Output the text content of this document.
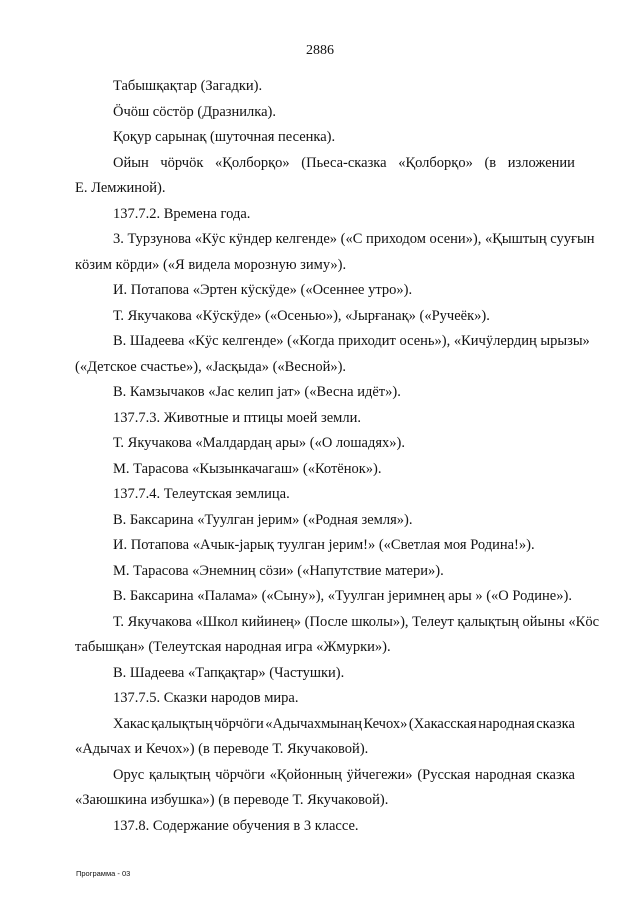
2886
Табышқақтар (Загадки).
Öчöш сöстöр (Дразнилка).
Қоқур сарынақ (шуточная песенка).
Ойын чöрчöк «Қолборқо» (Пьеса-сказка «Қолборқо» (в изложении
Е. Лемжиной).
137.7.2. Времена года.
3. Турзунова «Кÿс кÿндер келгенде» («С приходом осени»), «Қыштың сууғын
кöзим кöрди» («Я видела морозную зиму»).
И. Потапова «Эртен кÿскÿде» («Осеннее утро»).
Т. Якучакова «Кÿскÿде» («Осенью»), «Јырғанақ» («Ручеёк»).
В. Шадеева «Кÿс келгенде» («Когда приходит осень»), «Кичÿлердиң ырызы»
(«Детское счастье»), «Јасқыда» («Весной»).
В. Камзычаков «Јас келип јат» («Весна идёт»).
137.7.3. Животные и птицы моей земли.
Т. Якучакова «Малдардаң ары» («О лошадях»).
М. Тарасова «Кызынкачагаш» («Котёнок»).
137.7.4. Телеутская землица.
В. Баксарина «Туулган јерим» («Родная земля»).
И. Потапова «Ачык-јарық туулган јерим!» («Светлая моя Родина!»).
М. Тарасова «Энемниң сöзи» («Напутствие матери»).
В. Баксарина «Палама» («Сыну»), «Туулган јеримнең ары » («О Родине»).
Т. Якучакова «Школ кийинең» (После школы»), Телеут қалықтың ойыны «Кöс
табышқан» (Телеутская народная игра «Жмурки»).
В. Шадеева «Тапқақтар» (Частушки).
137.7.5. Сказки народов мира.
Хакас қалықтың чöрчöги «Адычахмынаң Кечох» (Хакасская народная сказка
«Адычах и Кечох») (в переводе Т. Якучаковой).
Орус қалықтың чöрчöги «Қойонның ÿйчегежи» (Русская народная сказка
«Заюшкина избушка») (в переводе Т. Якучаковой).
137.8. Содержание обучения в 3 классе.
Программа - 03
